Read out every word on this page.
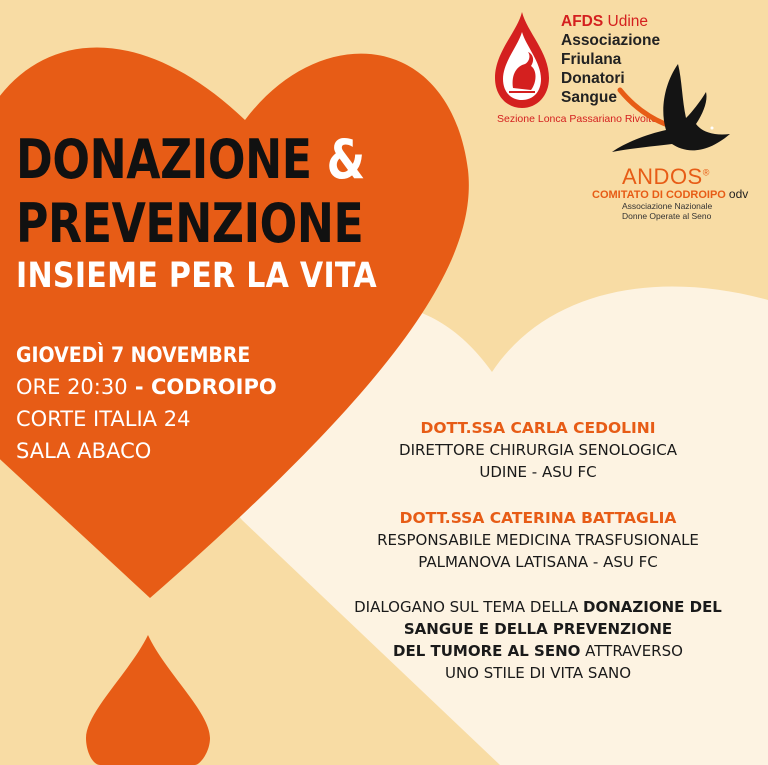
DONAZIONE &
PREVENZIONE
INSIEME PER LA VITA
GIOVEDÌ 7 NOVEMBRE
ORE 20:30 - CODROIPO
CORTE ITALIA 24
SALA ABACO
DOTT.SSA CARLA CEDOLINI
DIRETTORE CHIRURGIA SENOLOGICA
UDINE - ASU FC
DOTT.SSA CATERINA BATTAGLIA
RESPONSABILE MEDICINA TRASFUSIONALE
PALMANOVA LATISANA - ASU FC
DIALOGANO SUL TEMA DELLA DONAZIONE DEL
SANGUE E DELLA PREVENZIONE
DEL TUMORE AL SENO ATTRAVERSO
UNO STILE DI VITA SANO
AFDS Udine
Associazione
Friulana
Donatori
Sangue
Sezione Lonca Passariano Rivolto
ANDOS®
COMITATO DI CODROIPO odv
Associazione Nazionale
Donne Operate al Seno
